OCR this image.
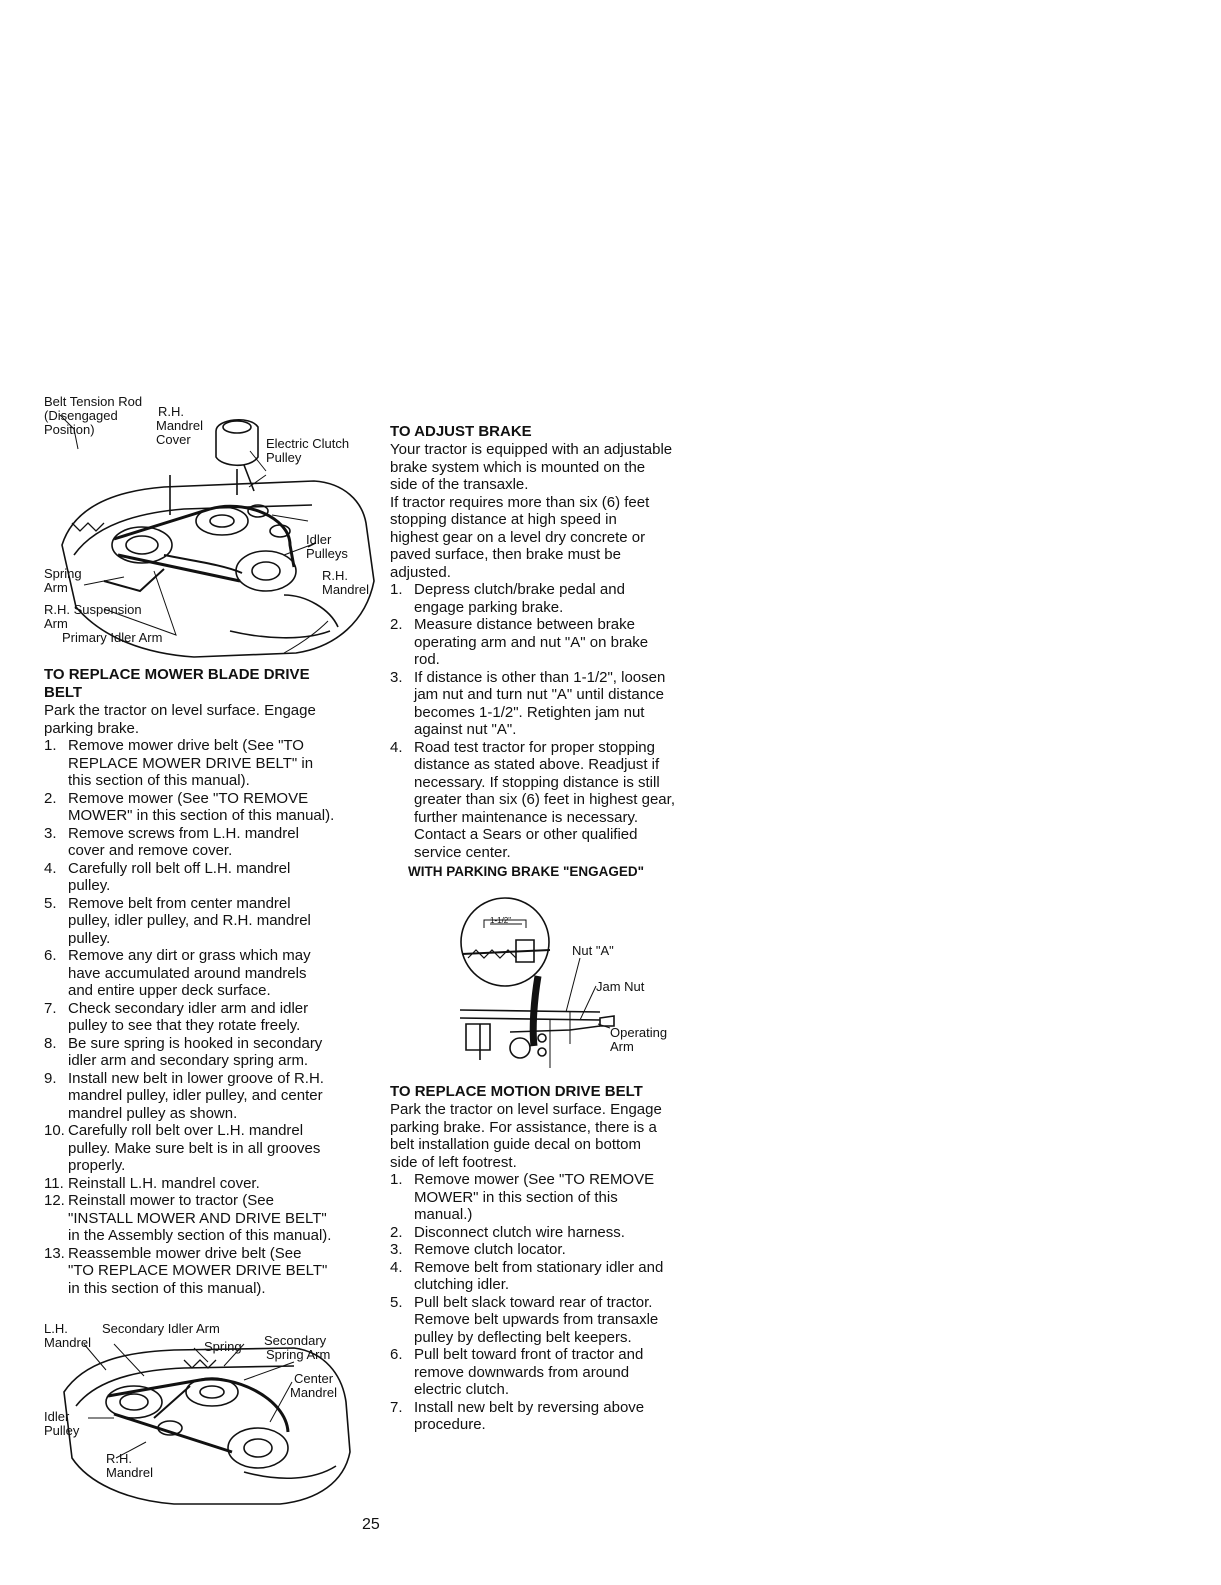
Belt Tension Rod
(Disengaged
Position)
R.H.
Mandrel
Cover	Electric Clutch
Pulley
Idler
Pulleys
R.H.
Mandrel
Spring
Arm
R.H. Suspension
Arm
Primary Idler Arm

TO REPLACE MOWER BLADE DRIVE

BELT

Park the tractor on level surface. Engage

parking brake.

1. Remove mower drive belt (See "TO
REPLACE MOWER DRIVE BELT" in
this section of this manual).
2. Remove mower (See "TO REMOVE
MOWER" in this section of this manual).
3. Remove screws from L.H. mandrel
cover and remove cover.
4. Carefully roll belt off L.H. mandrel
pulley.
5. Remove belt from center mandrel
pulley, idler pulley, and R.H. mandrel
pulley.
6. Remove any dirt or grass which may
have accumulated around mandrels
and entire upper deck surface.
7. Check secondary idler arm and idler
pulley to see that they rotate freely.
8. Be sure spring is hooked in secondary
idler arm and secondary spring arm.
9. Install new belt in lower groove of R.H.
mandrel pulley, idler pulley, and center
mandrel pulley as shown.
10. Carefully roll belt over L.H. mandrel
pulley. Make sure belt is in all grooves
properly.
11. Reinstall L.H. mandrel cover.
12. Reinstall mower to tractor (See
"INSTALL MOWER AND DRIVE BELT"
in the Assembly section of this manual).
13. Reassemble mower drive belt (See
"TO REPLACE MOWER DRIVE BELT"
in this section of this manual).
L.H.
Mandrel
Secondary Idler Arm
Spring Secondary
Spring Arm
Center
Mandrel
Idler
Pulley
R.H.
Mandrel

TO ADJUST BRAKE

Your tractor is equipped with an adjustable

brake system which is mounted on the

side of the transaxle.

If tractor requires more than six (6) feet

stopping distance at high speed in

highest gear on a level dry concrete or

paved surface, then brake must be

adjusted.

1. Depress clutch/brake pedal and
engage parking brake.
2. Measure distance between brake
operating arm and nut "A" on brake
rod.
3. If distance is other than 1-1/2", loosen
jam nut and turn nut "A" until distance
becomes 1-1/2". Retighten jam nut
against nut "A".
4. Road test tractor for proper stopping
distance as stated above. Readjust if
necessary. If stopping distance is still
greater than six (6) feet in highest gear,
further maintenance is necessary.
Contact a Sears or other qualified
service center.

WITH PARKING BRAKE "ENGAGED"

1-1/2"
Nut "A"
Jam Nut
Operating
Arm

TO REPLACE MOTION DRIVE BELT

Park the tractor on level surface. Engage

parking brake. For assistance, there is a

belt installation guide decal on bottom

side of left footrest.

1. Remove mower (See "TO REMOVE
MOWER" in this section of this
manual.)
2. Disconnect clutch wire harness.
3. Remove clutch locator.
4. Remove belt from stationary idler and
clutching idler.
5. Pull belt slack toward rear of tractor.
Remove belt upwards from transaxle
pulley by deflecting belt keepers.
6. Pull belt toward front of tractor and
remove downwards from around
electric clutch.
7. Install new belt by reversing above
procedure.
25
